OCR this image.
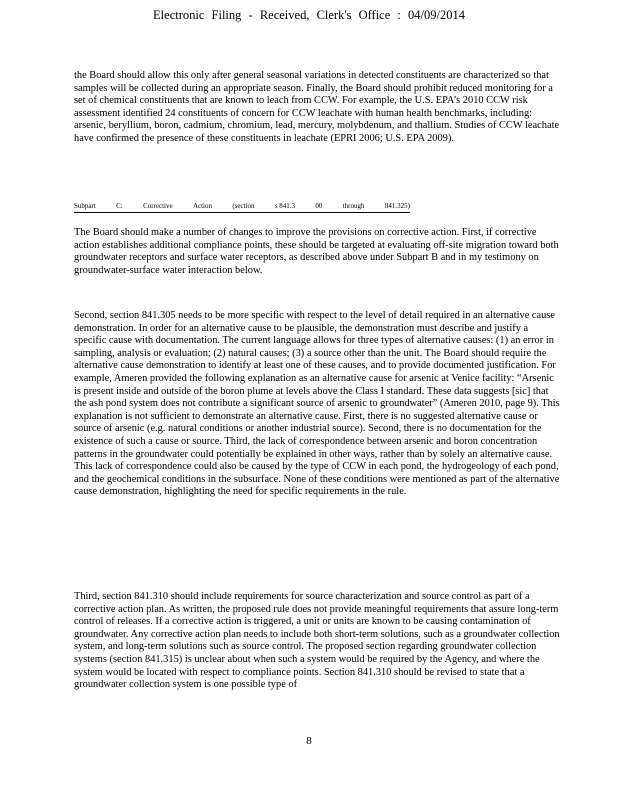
Electronic Filing - Received, Clerk's Office : 04/09/2014

the Board should allow this only after general seasonal variations in detected constituents are characterized so that samples will be collected during an appropriate season. Finally, the Board should prohibit reduced monitoring for a set of chemical constituents that are known to leach from CCW. For example, the U.S. EPA’s 2010 CCW risk assessment identified 24 constituents of concern for CCW leachate with human health benchmarks, including: arsenic, beryllium, boron, cadmium, chromium, lead, mercury, molybdenum, and thallium. Studies of CCW leachate have confirmed the presence of these constituents in leachate (EPRI 2006; U.S. EPA 2009).

Subpart	C:	Corrective	Action	(section	s 841.3	00	through	841.325)

The Board should make a number of changes to improve the provisions on corrective action. First, if corrective action establishes additional compliance points, these should be targeted at evaluating off-site migration toward both groundwater receptors and surface water receptors, as described above under Subpart B and in my testimony on groundwater-surface water interaction below.

Second, section 841.305 needs to be more specific with respect to the level of detail required in an alternative cause demonstration. In order for an alternative cause to be plausible, the demonstration must describe and justify a specific cause with documentation. The current language allows for three types of alternative causes: (1) an error in sampling, analysis or evaluation; (2) natural causes; (3) a source other than the unit. The Board should require the alternative cause demonstration to identify at least one of these causes, and to provide documented justification. For example, Ameren provided the following explanation as an alternative cause for arsenic at Venice facility: “Arsenic is present inside and outside of the boron plume at levels above the Class I standard. These data suggests [sic] that the ash pond system does not contribute a significant source of arsenic to groundwater” (Ameren 2010, page 9). This explanation is not sufficient to demonstrate an alternative cause. First, there is no suggested alternative cause or source of arsenic (e.g. natural conditions or another industrial source). Second, there is no documentation for the existence of such a cause or source. Third, the lack of correspondence between arsenic and boron concentration patterns in the groundwater could potentially be explained in other ways, rather than by solely an alternative cause. This lack of correspondence could also be caused by the type of CCW in each pond, the hydrogeology of each pond, and the geochemical conditions in the subsurface. None of these conditions were mentioned as part of the alternative cause demonstration, highlighting the need for specific requirements in the rule.

Third, section 841.310 should include requirements for source characterization and source control as part of a corrective action plan. As written, the proposed rule does not provide meaningful requirements that assure long-term control of releases. If a corrective action is triggered, a unit or units are known to be causing contamination of groundwater. Any corrective action plan needs to include both short-term solutions, such as a groundwater collection system, and long-term solutions such as source control. The proposed section regarding groundwater collection systems (section 841.315) is unclear about when such a system would be required by the Agency, and where the system would be located with respect to compliance points. Section 841.310 should be revised to state that a groundwater collection system is one possible type of

8
